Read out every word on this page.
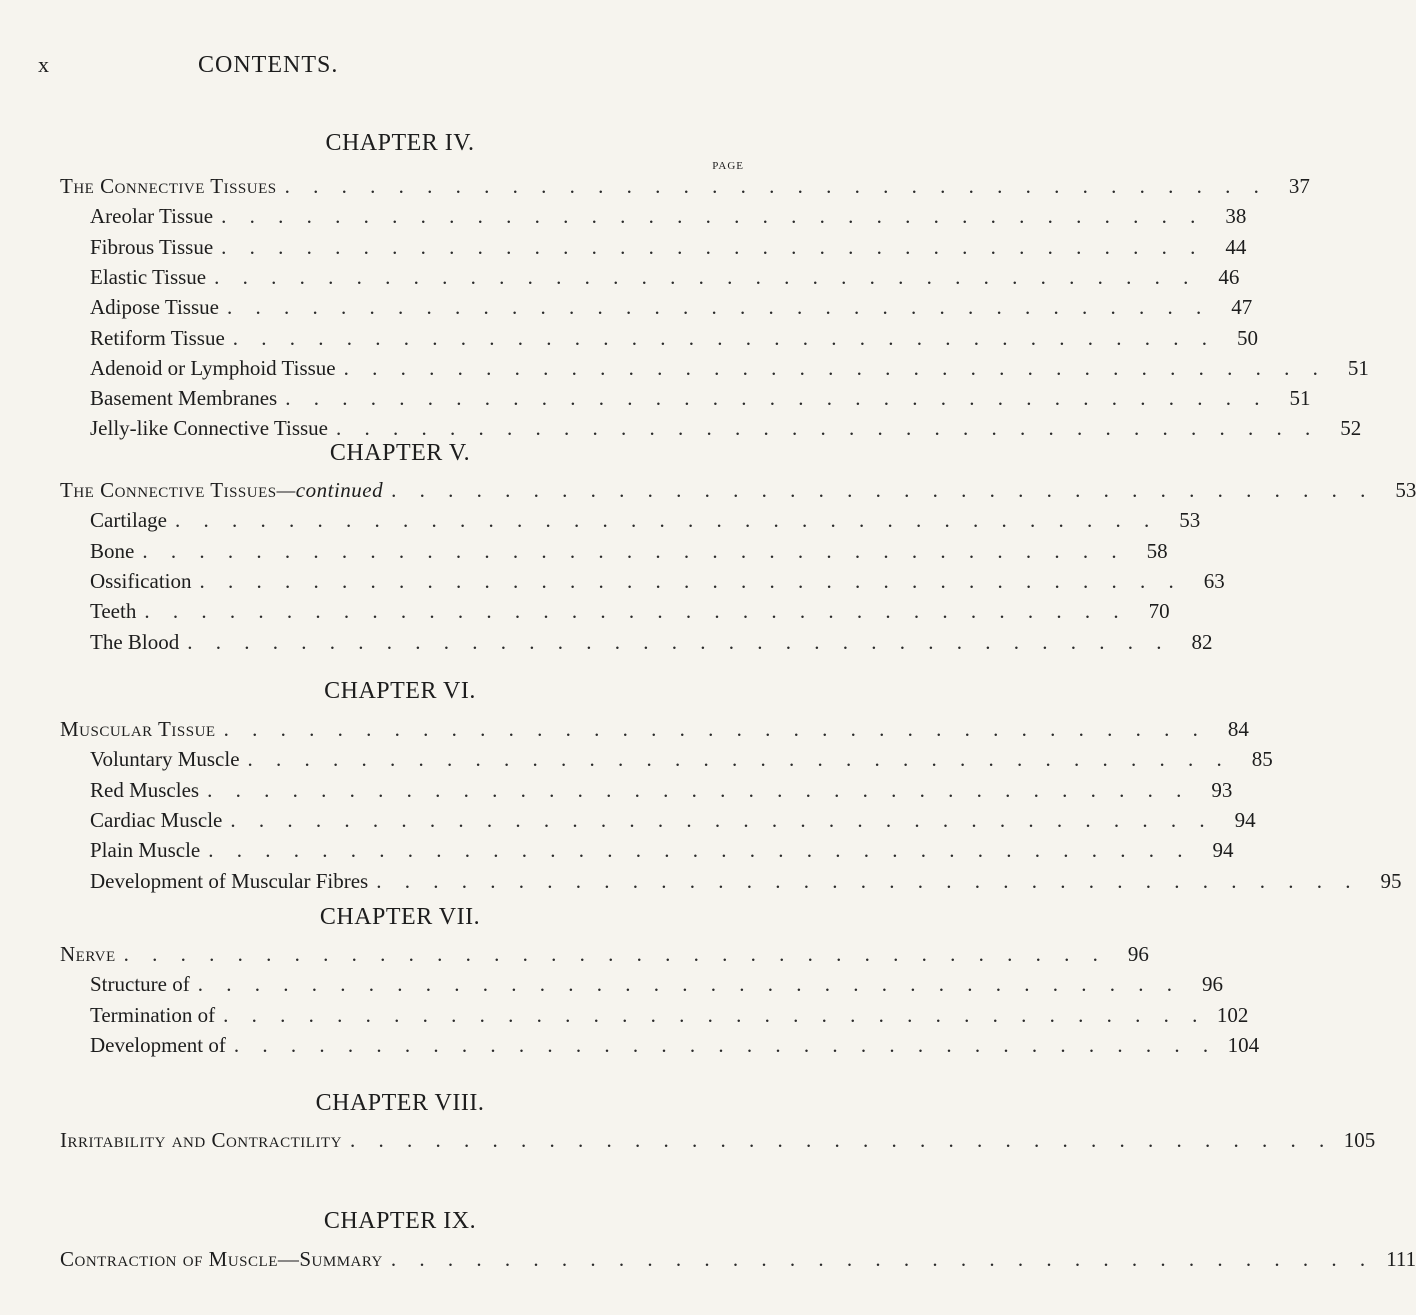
x	CONTENTS.
PAGE
CHAPTER IV.
The Connective Tissues . . . . . . . . . . . . . . . . . . . . . . . . . . . . . . . . . . .	37
Areolar Tissue . . . . . . . . . . . . . . . . . . . . . . . . . . . . . . . . . . .	38
Fibrous Tissue . . . . . . . . . . . . . . . . . . . . . . . . . . . . . . . . . . .	44
Elastic Tissue . . . . . . . . . . . . . . . . . . . . . . . . . . . . . . . . . . .	46
Adipose Tissue . . . . . . . . . . . . . . . . . . . . . . . . . . . . . . . . . . .	47
Retiform Tissue . . . . . . . . . . . . . . . . . . . . . . . . . . . . . . . . . . .	50
Adenoid or Lymphoid Tissue . . . . . . . . . . . . . . . . . . . . . . . . . . . . . . . . . . .	51
Basement Membranes . . . . . . . . . . . . . . . . . . . . . . . . . . . . . . . . . . .	51
Jelly-like Connective Tissue . . . . . . . . . . . . . . . . . . . . . . . . . . . . . . . . . . .	52
CHAPTER V.
The Connective Tissues—continued . . . . . . . . . . . . . . . . . . . . . . . . . . . . . . . . . . .	53
Cartilage . . . . . . . . . . . . . . . . . . . . . . . . . . . . . . . . . . .	53
Bone . . . . . . . . . . . . . . . . . . . . . . . . . . . . . . . . . . .	58
Ossification . . . . . . . . . . . . . . . . . . . . . . . . . . . . . . . . . . .	63
Teeth . . . . . . . . . . . . . . . . . . . . . . . . . . . . . . . . . . .	70
The Blood . . . . . . . . . . . . . . . . . . . . . . . . . . . . . . . . . . .	82
CHAPTER VI.
Muscular Tissue . . . . . . . . . . . . . . . . . . . . . . . . . . . . . . . . . . .	84
Voluntary Muscle . . . . . . . . . . . . . . . . . . . . . . . . . . . . . . . . . . .	85
Red Muscles . . . . . . . . . . . . . . . . . . . . . . . . . . . . . . . . . . .	93
Cardiac Muscle . . . . . . . . . . . . . . . . . . . . . . . . . . . . . . . . . . .	94
Plain Muscle . . . . . . . . . . . . . . . . . . . . . . . . . . . . . . . . . . .	94
Development of Muscular Fibres . . . . . . . . . . . . . . . . . . . . . . . . . . . . . . . . . . .	95
CHAPTER VII.
Nerve . . . . . . . . . . . . . . . . . . . . . . . . . . . . . . . . . . .	96
Structure of . . . . . . . . . . . . . . . . . . . . . . . . . . . . . . . . . . .	96
Termination of . . . . . . . . . . . . . . . . . . . . . . . . . . . . . . . . . . . 102
Development of . . . . . . . . . . . . . . . . . . . . . . . . . . . . . . . . . . . 104
CHAPTER VIII.
Irritability and Contractility . . . . . . . . . . . . . . . . . . . . . . . . . . . . . . . . . . . 105
CHAPTER IX.
Contraction of Muscle—Summary . . . . . . . . . . . . . . . . . . . . . . . . . . . . . . . . . . . 111
